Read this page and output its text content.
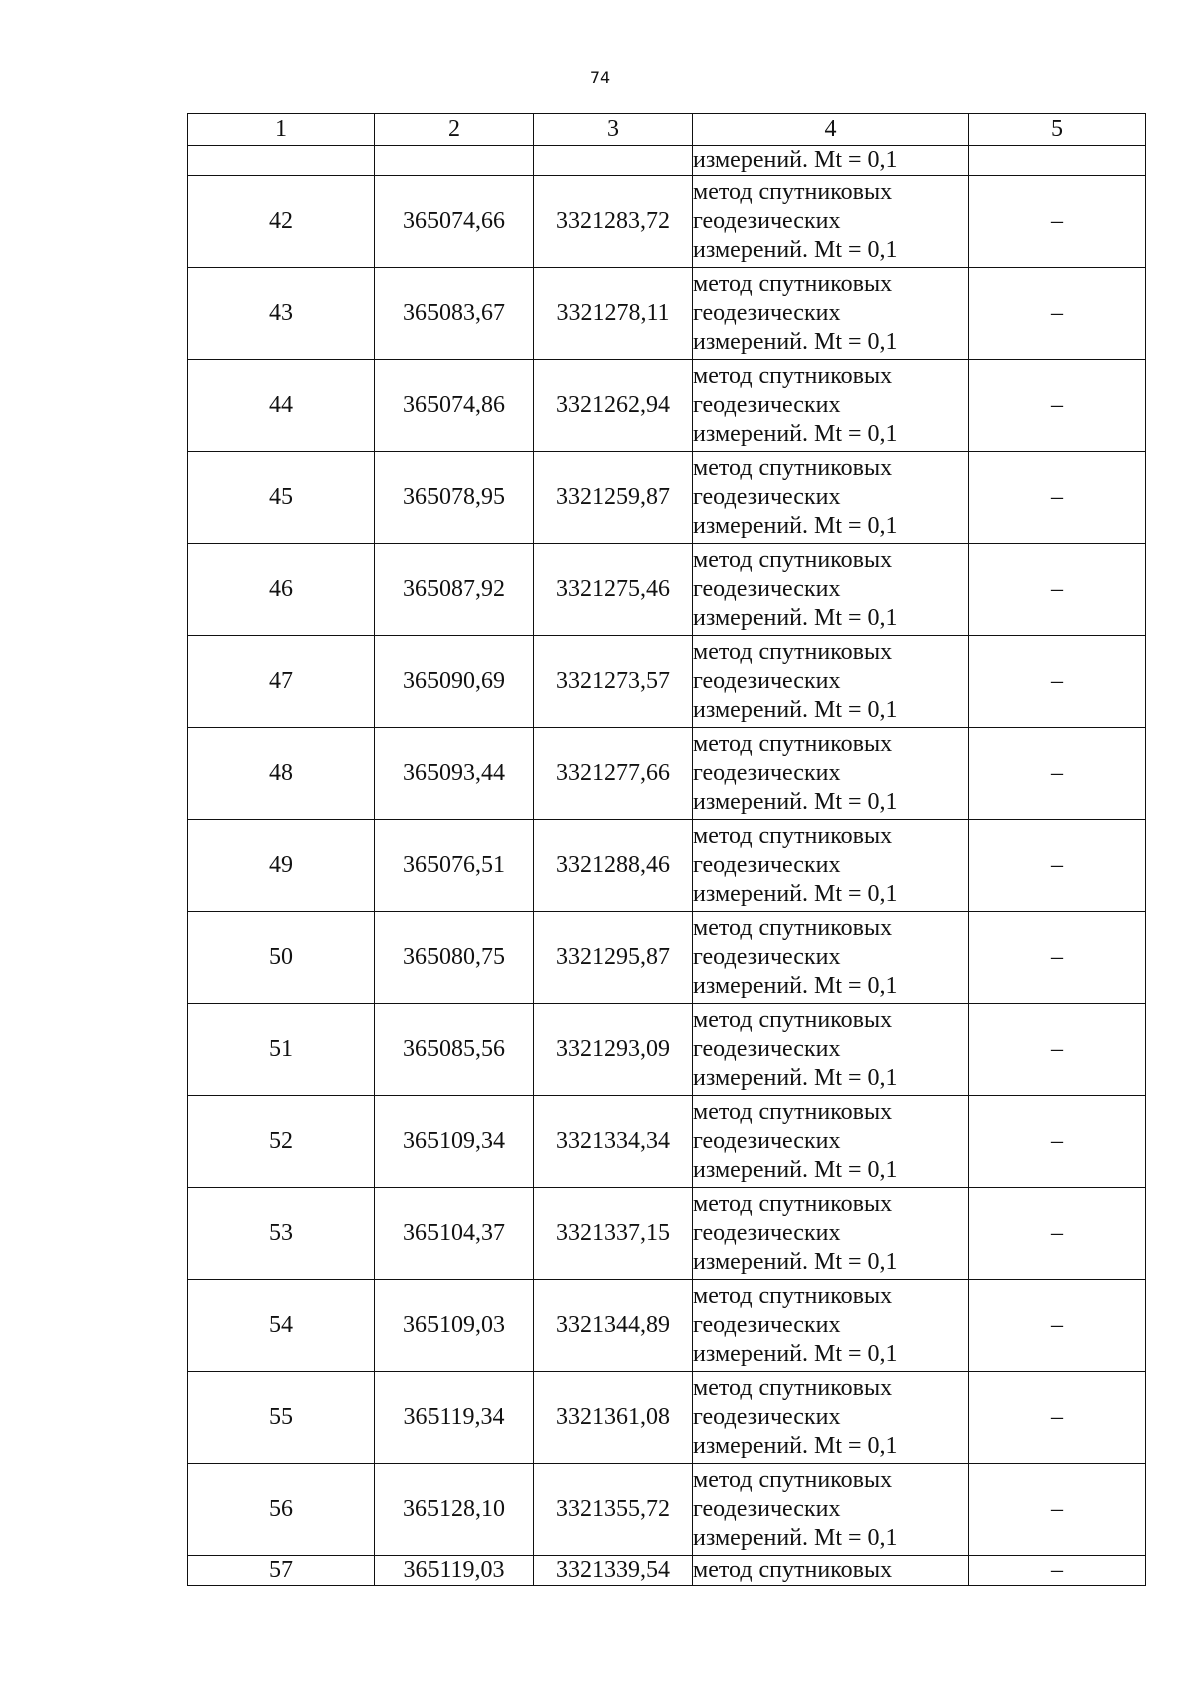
74
1	2	3	4	5
			измерений. Mt = 0,1	
42	365074,66	3321283,72	метод спутниковых
геодезических
измерений. Mt = 0,1	–
43	365083,67	3321278,11	метод спутниковых
геодезических
измерений. Mt = 0,1	–
44	365074,86	3321262,94	метод спутниковых
геодезических
измерений. Mt = 0,1	–
45	365078,95	3321259,87	метод спутниковых
геодезических
измерений. Mt = 0,1	–
46	365087,92	3321275,46	метод спутниковых
геодезических
измерений. Mt = 0,1	–
47	365090,69	3321273,57	метод спутниковых
геодезических
измерений. Mt = 0,1	–
48	365093,44	3321277,66	метод спутниковых
геодезических
измерений. Mt = 0,1	–
49	365076,51	3321288,46	метод спутниковых
геодезических
измерений. Mt = 0,1	–
50	365080,75	3321295,87	метод спутниковых
геодезических
измерений. Mt = 0,1	–
51	365085,56	3321293,09	метод спутниковых
геодезических
измерений. Mt = 0,1	–
52	365109,34	3321334,34	метод спутниковых
геодезических
измерений. Mt = 0,1	–
53	365104,37	3321337,15	метод спутниковых
геодезических
измерений. Mt = 0,1	–
54	365109,03	3321344,89	метод спутниковых
геодезических
измерений. Mt = 0,1	–
55	365119,34	3321361,08	метод спутниковых
геодезических
измерений. Mt = 0,1	–
56	365128,10	3321355,72	метод спутниковых
геодезических
измерений. Mt = 0,1	–
57	365119,03	3321339,54	метод спутниковых	–
